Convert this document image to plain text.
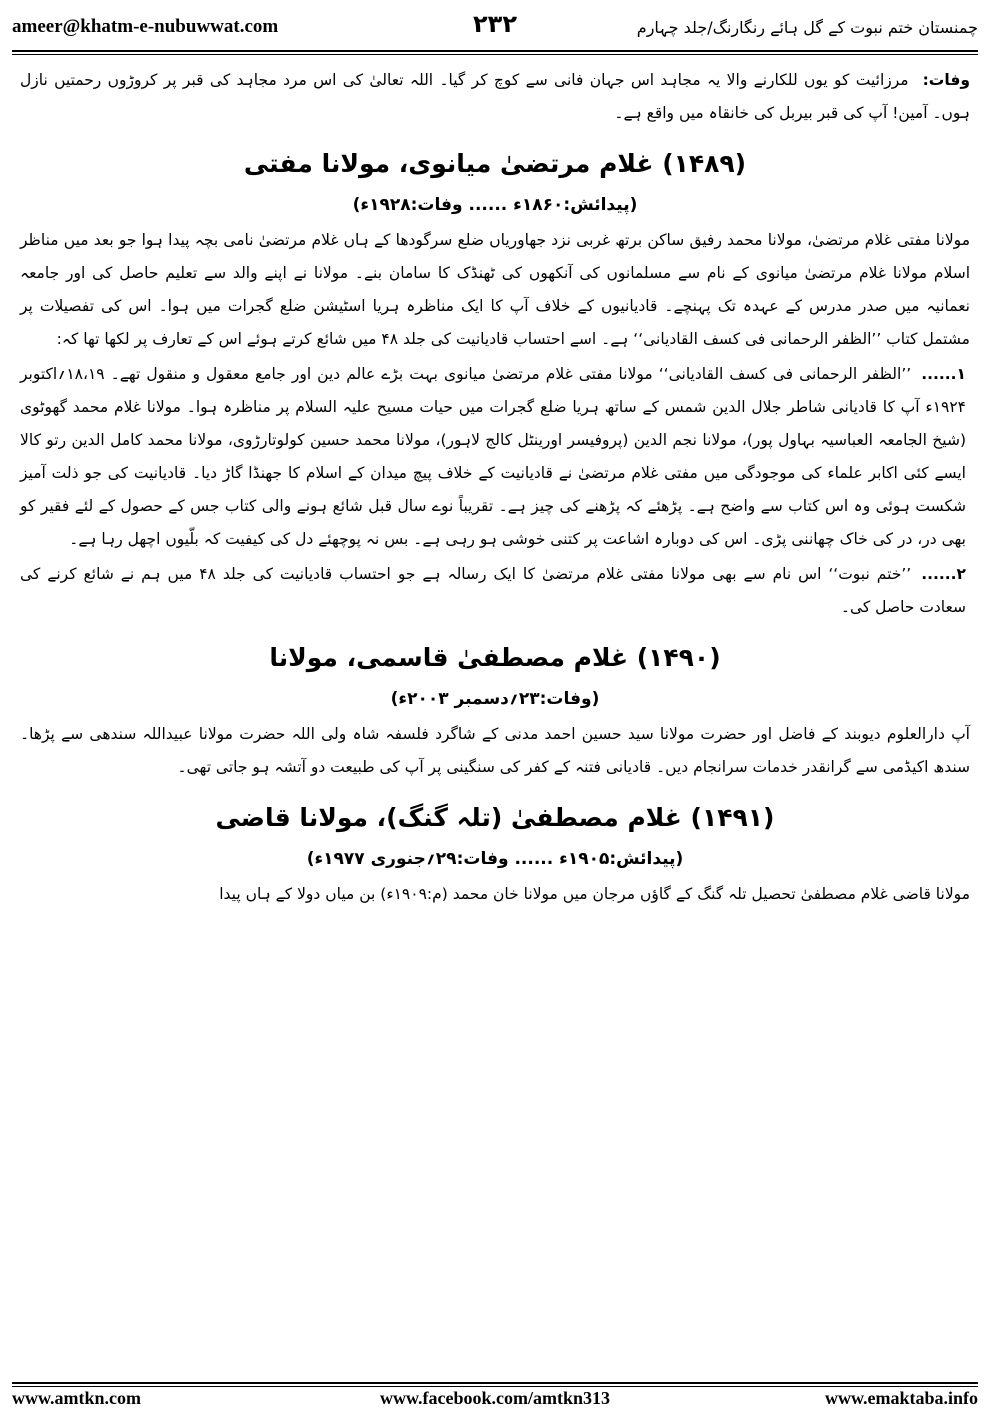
ameer@khatm-e-nubuwwat.com	۲۳۲	چمنستان ختم نبوت کے گل ہائے رنگارنگ/جلد چہارم

وفات:مرزائیت کو یوں للکارنے والا یہ مجاہد اس جہان فانی سے کوچ کر گیا۔ اللہ تعالیٰ کی اس مرد مجاہد کی قبر پر کروڑوں رحمتیں نازل ہوں۔ آمین! آپ کی قبر بیربل کی خانقاہ میں واقع ہے۔

(۱۴۸۹) غلام مرتضیٰ میانوی، مولانا مفتی
(پیدائش:۱۸۶۰ء ...... وفات:۱۹۲۸ء)

مولانا مفتی غلام مرتضیٰ، مولانا محمد رفیق ساکن برتھ غربی نزد جھاوریاں ضلع سرگودھا کے ہاں غلام مرتضیٰ نامی بچہ پیدا ہوا جو بعد میں مناظر اسلام مولانا غلام مرتضیٰ میانوی کے نام سے مسلمانوں کی آنکھوں کی ٹھنڈک کا سامان بنے۔ مولانا نے اپنے والد سے تعلیم حاصل کی اور جامعہ نعمانیہ میں صدر مدرس کے عہدہ تک پہنچے۔ قادیانیوں کے خلاف آپ کا ایک مناظرہ ہریا اسٹیشن ضلع گجرات میں ہوا۔ اس کی تفصیلات پر مشتمل کتاب ’’الظفر الرحمانی فی کسف القادیانی‘‘ ہے۔ اسے احتساب قادیانیت کی جلد ۴۸ میں شائع کرتے ہوئے اس کے تعارف پر لکھا تھا کہ:

۱......’’الظفر الرحمانی فی کسف القادیانی‘‘ مولانا مفتی غلام مرتضیٰ میانوی بہت بڑے عالم دین اور جامع معقول و منقول تھے۔ ۱۸،۱۹؍اکتوبر ۱۹۲۴ء آپ کا قادیانی شاطر جلال الدین شمس کے ساتھ ہریا ضلع گجرات میں حیات مسیح علیہ السلام پر مناظرہ ہوا۔ مولانا غلام محمد گھوٹوی (شیخ الجامعہ العباسیہ بہاول پور)، مولانا نجم الدین (پروفیسر اورینٹل کالج لاہور)، مولانا محمد حسین کولوتارڑوی، مولانا محمد کامل الدین رتو کالا ایسے کئی اکابر علماء کی موجودگی میں مفتی غلام مرتضیٰ نے قادیانیت کے خلاف پیچ میدان کے اسلام کا جھنڈا گاڑ دیا۔ قادیانیت کی جو ذلت آمیز شکست ہوئی وہ اس کتاب سے واضح ہے۔ پڑھئے کہ پڑھنے کی چیز ہے۔ تقریباً نوے سال قبل شائع ہونے والی کتاب جس کے حصول کے لئے فقیر کو بھی در، در کی خاک چھاننی پڑی۔ اس کی دوبارہ اشاعت پر کتنی خوشی ہو رہی ہے۔ بس نہ پوچھئے دل کی کیفیت کہ بلّیوں اچھل رہا ہے۔

۲......’’ختم نبوت‘‘ اس نام سے بھی مولانا مفتی غلام مرتضیٰ کا ایک رسالہ ہے جو احتساب قادیانیت کی جلد ۴۸ میں ہم نے شائع کرنے کی سعادت حاصل کی۔

(۱۴۹۰) غلام مصطفیٰ قاسمی، مولانا
(وفات:۲۳؍دسمبر ۲۰۰۳ء)

آپ دارالعلوم دیوبند کے فاضل اور حضرت مولانا سید حسین احمد مدنی کے شاگرد فلسفہ شاہ ولی اللہ حضرت مولانا عبیداللہ سندھی سے پڑھا۔ سندھ اکیڈمی سے گرانقدر خدمات سرانجام دیں۔ قادیانی فتنہ کے کفر کی سنگینی پر آپ کی طبیعت دو آتشہ ہو جاتی تھی۔

(۱۴۹۱) غلام مصطفیٰ (تلہ گنگ)، مولانا قاضی
(پیدائش:۱۹۰۵ء ...... وفات:۲۹؍جنوری ۱۹۷۷ء)

مولانا قاضی غلام مصطفیٰ تحصیل تلہ گنگ کے گاؤں مرجان میں مولانا خان محمد (م:۱۹۰۹ء) بن میاں دولا کے ہاں پیدا

www.amtkn.com	www.facebook.com/amtkn313	www.emaktaba.info
